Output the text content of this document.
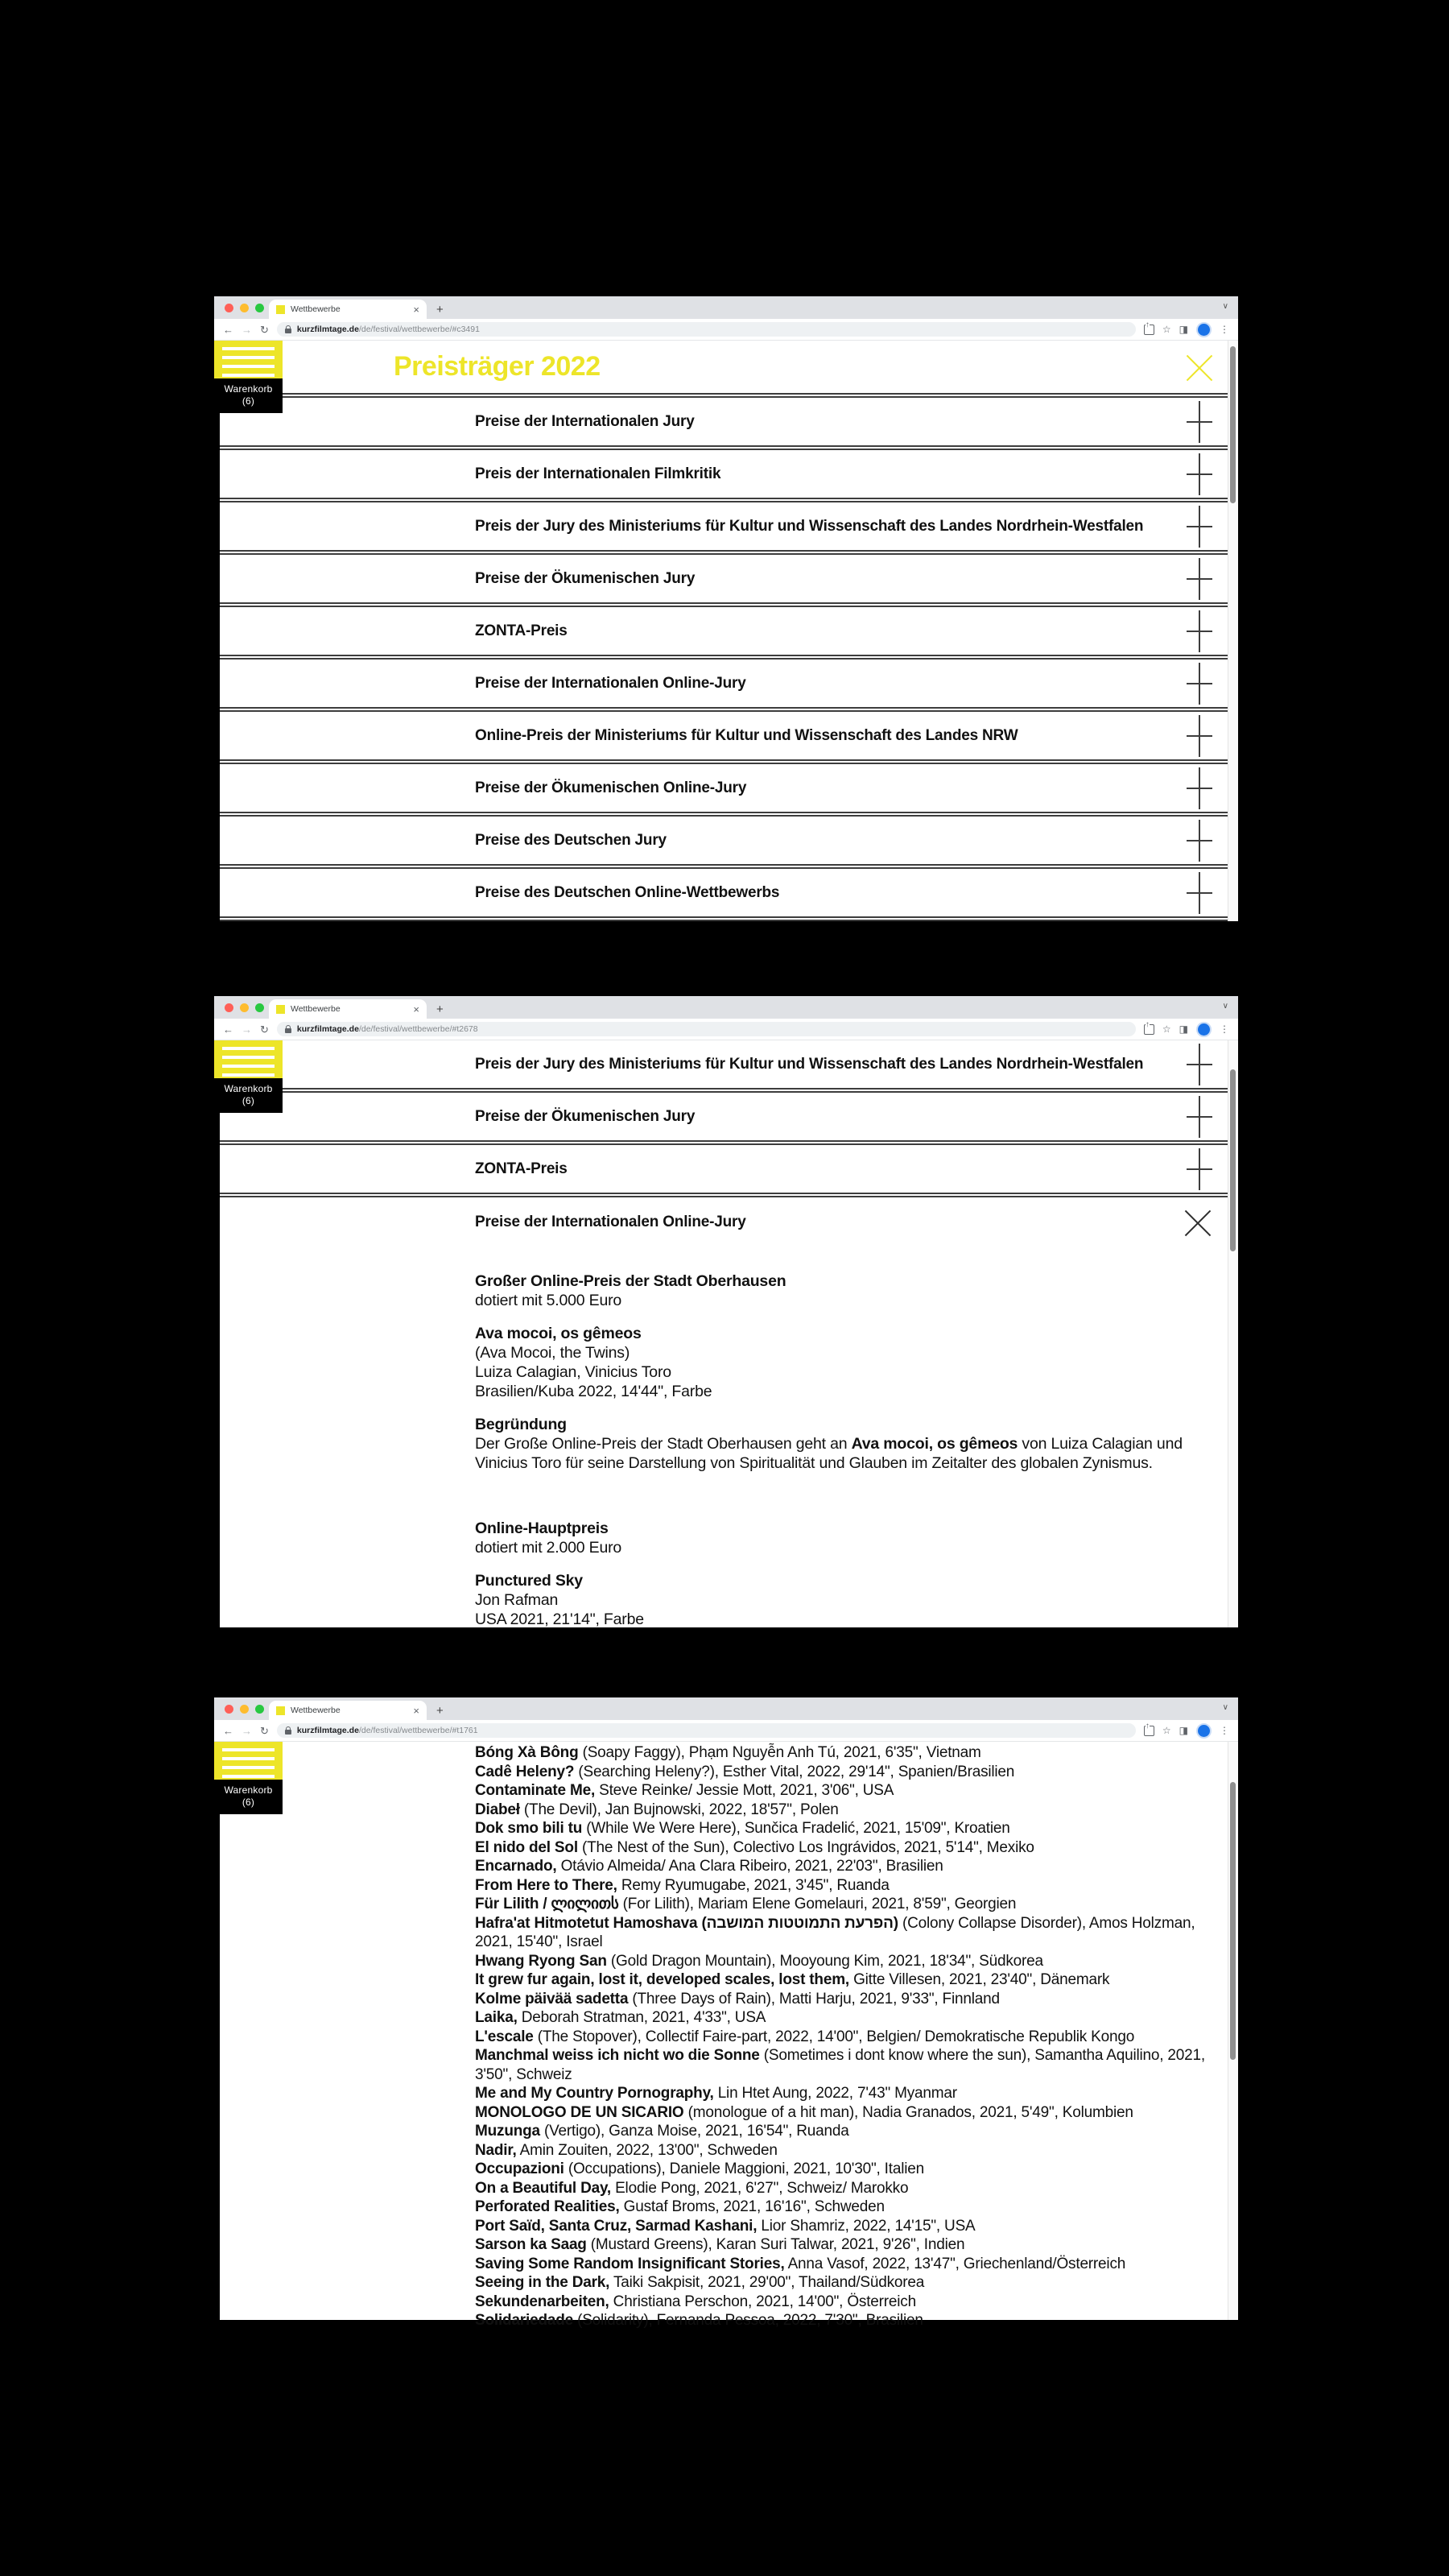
Wettbewerbe	× +	∨
← → ↻	kurzfilmtage.de/de/festival/wettbewerbe/#c3491 ↑	☆ ◨	⋮
Warenkorb
(6)
Preisträger 2022
Preise der Internationalen Jury
Preis der Internationalen Filmkritik
Preis der Jury des Ministeriums für Kultur und Wissenschaft des Landes Nordrhein-Westfalen
Preise der Ökumenischen Jury
ZONTA-Preis
Preise der Internationalen Online-Jury
Online-Preis der Ministeriums für Kultur und Wissenschaft des Landes NRW
Preise der Ökumenischen Online-Jury
Preise des Deutschen Jury
Preise des Deutschen Online-Wettbewerbs
Wettbewerbe	× +	∨
← → ↻	kurzfilmtage.de/de/festival/wettbewerbe/#t2678 ↑	☆ ◨	⋮
Warenkorb
(6)
Preis der Jury des Ministeriums für Kultur und Wissenschaft des Landes Nordrhein-Westfalen
Preise der Ökumenischen Jury
ZONTA-Preis
Preise der Internationalen Online-Jury

Großer Online-Preis der Stadt Oberhausen

dotiert mit 5.000 Euro

Ava mocoi, os gêmeos

(Ava Mocoi, the Twins)

Luiza Calagian, Vinicius Toro

Brasilien/Kuba 2022, 14'44", Farbe

Begründung

Der Große Online-Preis der Stadt Oberhausen geht an Ava mocoi, os gêmeos von Luiza Calagian und Vinicius Toro für seine Darstellung von Spiritualität und Glauben im Zeitalter des globalen Zynismus.

Online-Hauptpreis

dotiert mit 2.000 Euro

Punctured Sky

Jon Rafman

USA 2021, 21'14", Farbe

Wettbewerbe	× +	∨
← → ↻	kurzfilmtage.de/de/festival/wettbewerbe/#t1761 ↑	☆ ◨	⋮
Warenkorb
(6)

Bóng Xà Bông (Soapy Faggy), Phạm Nguyễn Anh Tú, 2021, 6'35", Vietnam

Cadê Heleny? (Searching Heleny?), Esther Vital, 2022, 29'14", Spanien/Brasilien

Contaminate Me, Steve Reinke/ Jessie Mott, 2021, 3'06", USA

Diabeł (The Devil), Jan Bujnowski, 2022, 18'57", Polen

Dok smo bili tu (While We Were Here), Sunčica Fradelić, 2021, 15'09", Kroatien

El nido del Sol (The Nest of the Sun), Colectivo Los Ingrávidos, 2021, 5'14", Mexiko

Encarnado, Otávio Almeida/ Ana Clara Ribeiro, 2021, 22'03", Brasilien

From Here to There, Remy Ryumugabe, 2021, 3'45", Ruanda

Für Lilith / ლილითს (For Lilith), Mariam Elene Gomelauri, 2021, 8'59", Georgien

Hafra'at Hitmotetut Hamoshava (הפרעת התמוטטות המושבה) (Colony Collapse Disorder), Amos Holzman, 2021, 15'40", Israel

Hwang Ryong San (Gold Dragon Mountain), Mooyoung Kim, 2021, 18'34", Südkorea

It grew fur again, lost it, developed scales, lost them, Gitte Villesen, 2021, 23'40", Dänemark

Kolme päivää sadetta (Three Days of Rain), Matti Harju, 2021, 9'33", Finnland

Laika, Deborah Stratman, 2021, 4'33", USA

L'escale (The Stopover), Collectif Faire-part, 2022, 14'00", Belgien/ Demokratische Republik Kongo

Manchmal weiss ich nicht wo die Sonne (Sometimes i dont know where the sun), Samantha Aquilino, 2021, 3'50", Schweiz

Me and My Country Pornography, Lin Htet Aung, 2022, 7'43" Myanmar

MONOLOGO DE UN SICARIO (monologue of a hit man), Nadia Granados, 2021, 5'49", Kolumbien

Muzunga (Vertigo), Ganza Moise, 2021, 16'54", Ruanda

Nadir, Amin Zouiten, 2022, 13'00", Schweden

Occupazioni (Occupations), Daniele Maggioni, 2021, 10'30", Italien

On a Beautiful Day, Elodie Pong, 2021, 6'27", Schweiz/ Marokko

Perforated Realities, Gustaf Broms, 2021, 16'16", Schweden

Port Saïd, Santa Cruz, Sarmad Kashani, Lior Shamriz, 2022, 14'15", USA

Sarson ka Saag (Mustard Greens), Karan Suri Talwar, 2021, 9'26", Indien

Saving Some Random Insignificant Stories, Anna Vasof, 2022, 13'47", Griechenland/Österreich

Seeing in the Dark, Taiki Sakpisit, 2021, 29'00", Thailand/Südkorea

Sekundenarbeiten, Christiana Perschon, 2021, 14'00", Österreich

Solidariedade (Solidarity), Fernanda Pessoa, 2022, 7'30", Brasilien
